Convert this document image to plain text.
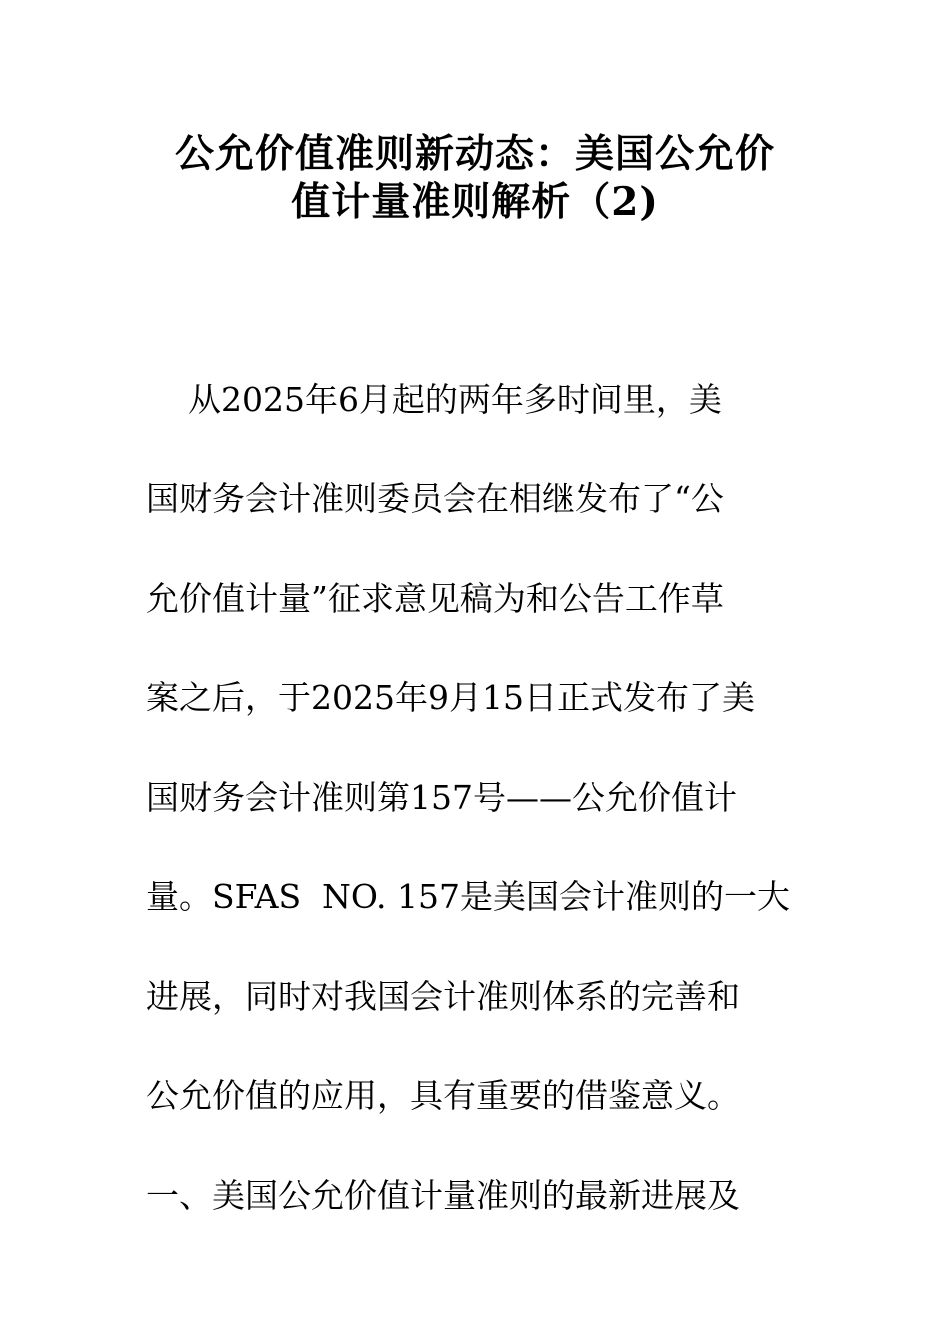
公允价值准则新动态：美国公允价
值计量准则解析（2)
从2025年6月起的两年多时间里，美
国财务会计准则委员会在相继发布了“公
允价值计量”征求意见稿为和公告工作草
案之后，于2025年9月15日正式发布了美
国财务会计准则第157号——公允价值计
量。SFAS  NO. 157是美国会计准则的一大
进展，同时对我国会计准则体系的完善和
公允价值的应用，具有重要的借鉴意义。
一、美国公允价值计量准则的最新进展及
